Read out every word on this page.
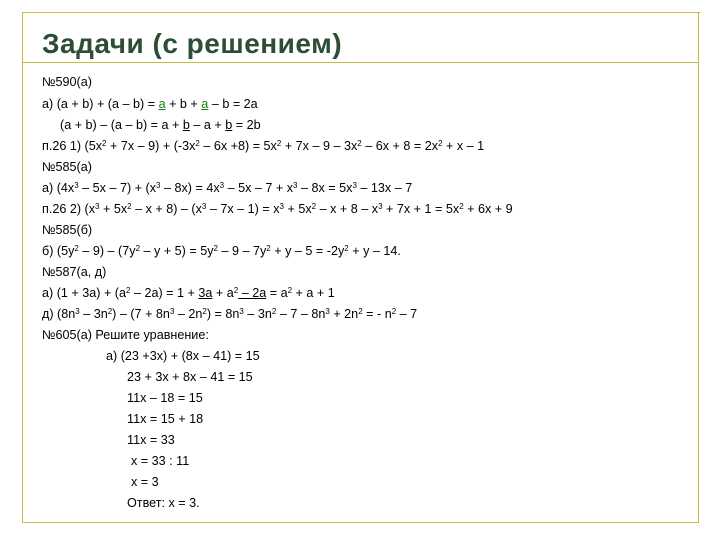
Задачи (с решением)
№590(а)
а) (a + b) + (a – b) = a + b + a – b = 2a
(a + b) – (a – b) = a + b – a + b = 2b
п.26 1) $(5x^2 + 7x - 9) + (-3x^2 - 6x +8) = 5x^2 + 7x - 9 - 3x^2 - 6x + 8 = 2x^2 + x - 1$
№585(а)
а) $(4x^3 - 5x - 7) + (x^3 - 8x) = 4x^3 - 5x - 7 + x^3 - 8x = 5x^3 - 13x - 7$
п.26 2) $(x^3 + 5x^2 - x + 8) - (x^3 - 7x - 1) = x^3 + 5x^2 - x + 8 - x^3 + 7x + 1 = 5x^2 + 6x + 9$
№585(б)
б) $(5y^2 - 9) - (7y^2 - y + 5) = 5y^2 - 9 - 7y^2 + y - 5 = -2y^2 + y - 14$.
№587(а, д)
а) $(1 + 3a) + (a^2 - 2a) = 1 + 3a + a^2 - 2a = a^2 + a + 1$
д) $(8n^3 - 3n^2) - (7 + 8n^3 - 2n^2) = 8n^3 - 3n^2 - 7 - 8n^3 + 2n^2$ = - $n^2 - 7$
№605(а) Решите уравнение:
а) (23 +3x) + (8x – 41) = 15
23 + 3x + 8x – 41 = 15
11x – 18 = 15
11x = 15 + 18
11x = 33
x = 33 : 11
x = 3
Ответ: x = 3.
